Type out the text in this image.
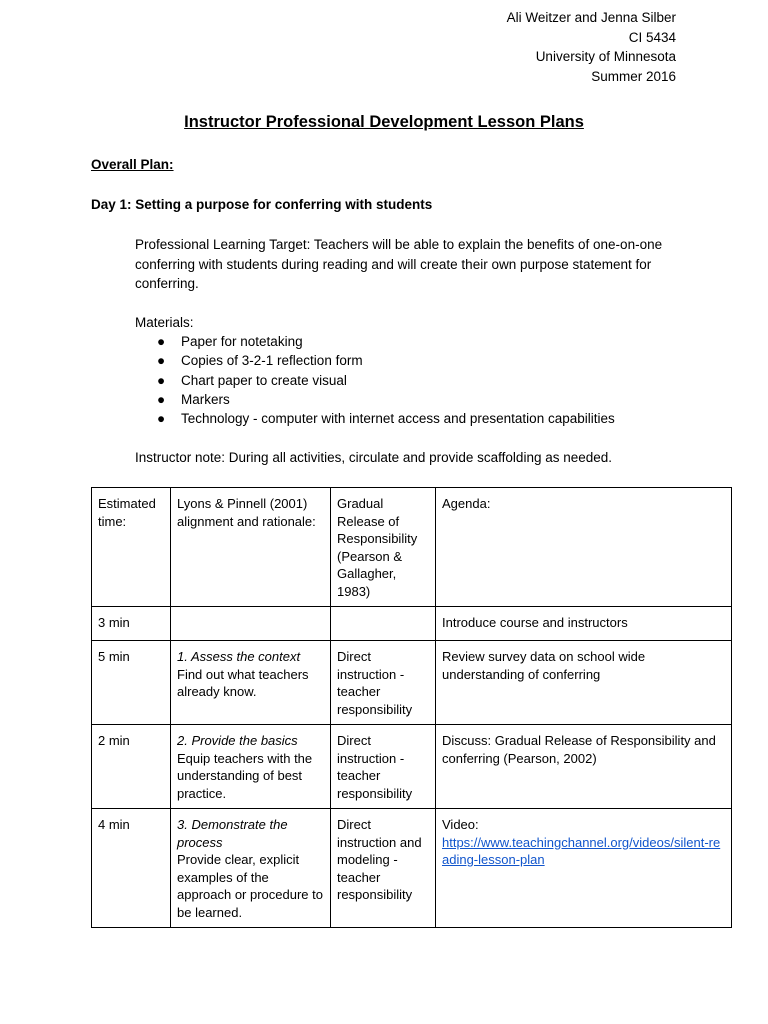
Ali Weitzer and Jenna Silber
CI 5434
University of Minnesota
Summer 2016
Instructor Professional Development Lesson Plans
Overall Plan:
Day 1: Setting a purpose for conferring with students
Professional Learning Target: Teachers will be able to explain the benefits of one-on-one conferring with students during reading and will create their own purpose statement for conferring.
Materials:
● Paper for notetaking
● Copies of 3-2-1 reflection form
● Chart paper to create visual
● Markers
● Technology - computer with internet access and presentation capabilities
Instructor note: During all activities, circulate and provide scaffolding as needed.
Estimated time:	Lyons & Pinnell (2001) alignment and rationale:	Gradual Release of Responsibility (Pearson & Gallagher, 1983)	Agenda:
3 min			Introduce course and instructors
5 min	1. Assess the context
Find out what teachers already know.	Direct instruction - teacher responsibility	Review survey data on school wide understanding of conferring
2 min	2. Provide the basics
Equip teachers with the understanding of best practice.	Direct instruction - teacher responsibility	Discuss: Gradual Release of Responsibility and conferring (Pearson, 2002)
4 min	3. Demonstrate the process
Provide clear, explicit examples of the approach or procedure to be learned.	Direct instruction and modeling - teacher responsibility	Video:
https://www.teachingchannel.org/videos/silent-reading-lesson-plan
